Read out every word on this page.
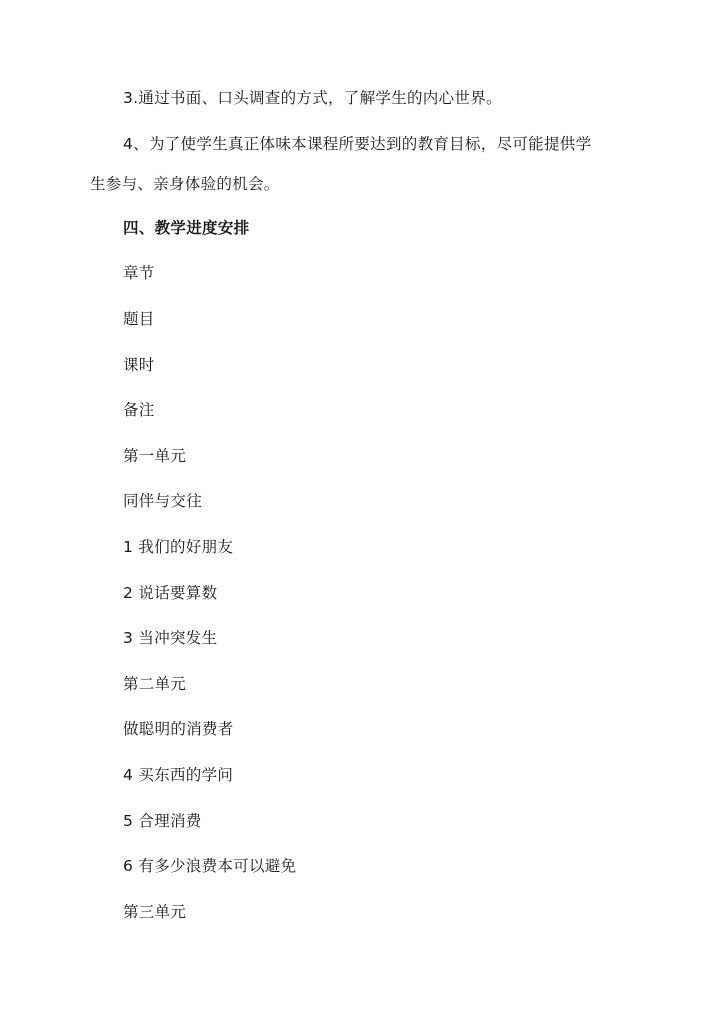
3.通过书面、口头调查的方式，了解学生的内心世界。
4、为了使学生真正体味本课程所要达到的教育目标，尽可能提供学
生参与、亲身体验的机会。
四、教学进度安排
章节
题目
课时
备注
第一单元
同伴与交往
1 我们的好朋友
2 说话要算数
3 当冲突发生
第二单元
做聪明的消费者
4 买东西的学问
5 合理消费
6 有多少浪费本可以避免
第三单元
